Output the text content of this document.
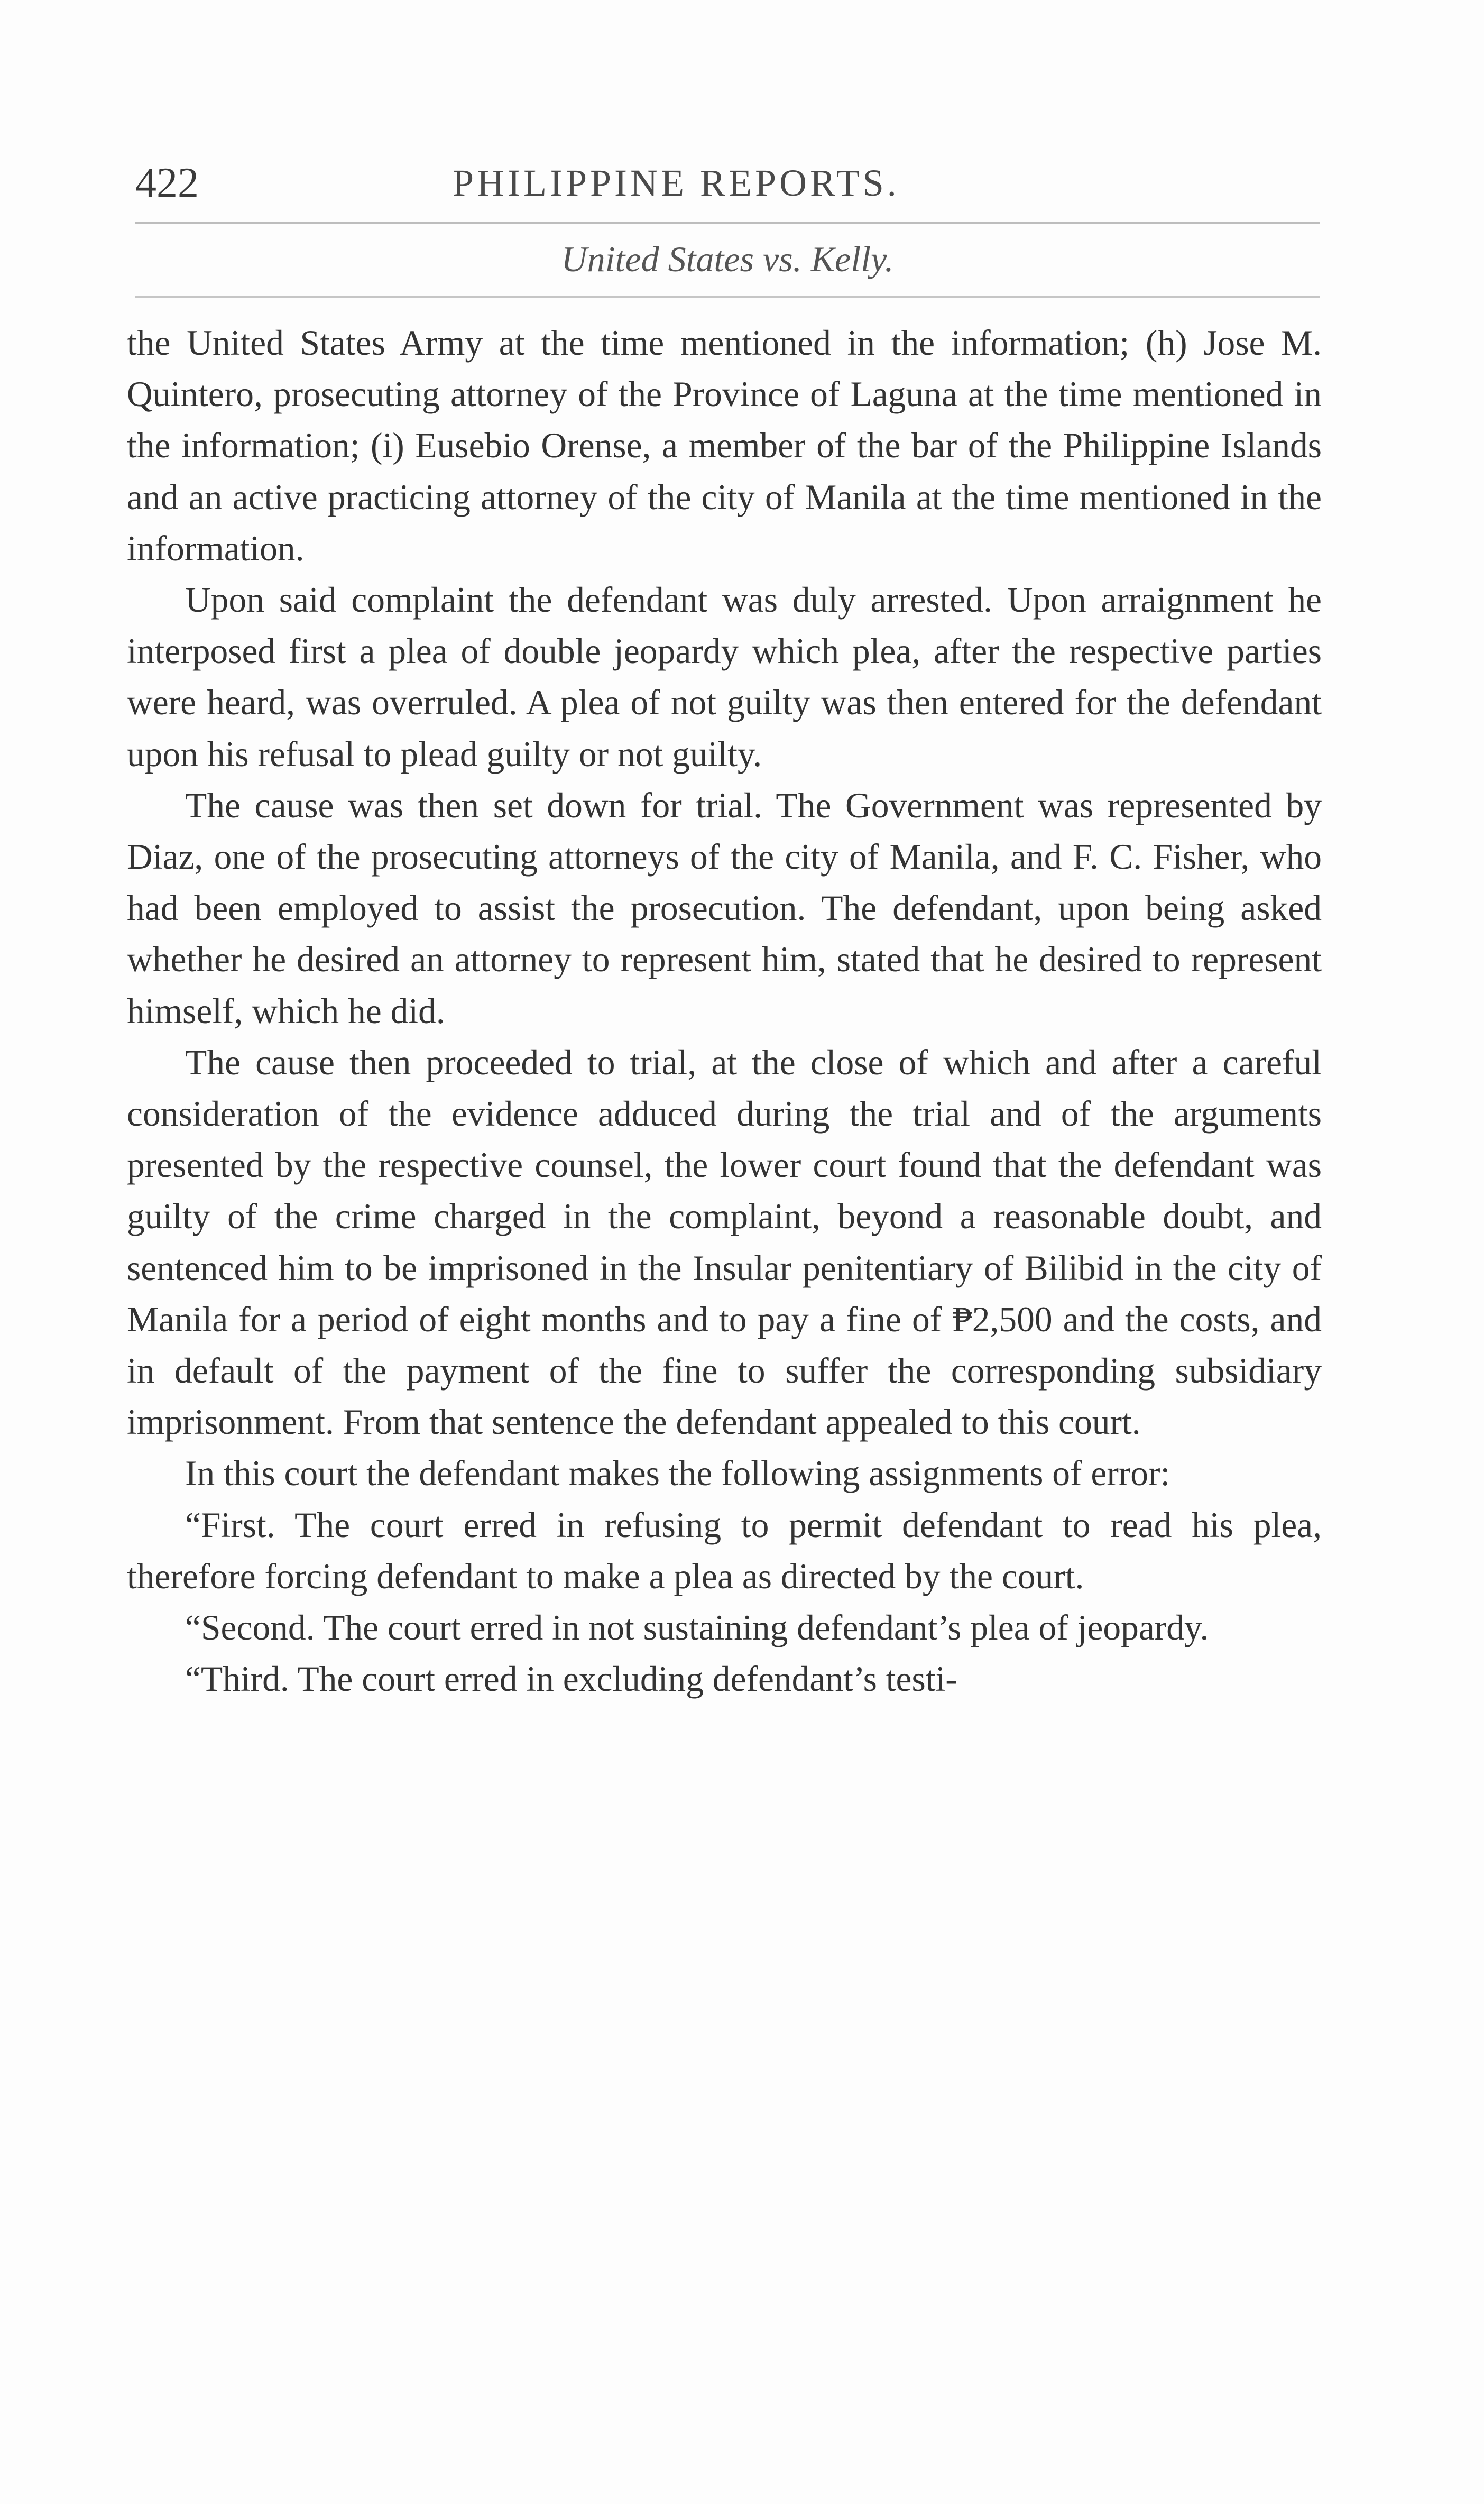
422	PHILIPPINE REPORTS.
United States vs. Kelly.

the United States Army at the time mentioned in the information; (h) Jose M. Quintero, prosecuting attorney of the Province of Laguna at the time mentioned in the information; (i) Eusebio Orense, a member of the bar of the Philippine Islands and an active practicing attorney of the city of Manila at the time mentioned in the information.

Upon said complaint the defendant was duly arrested. Upon arraignment he interposed first a plea of double jeopardy which plea, after the respective parties were heard, was overruled. A plea of not guilty was then entered for the defendant upon his refusal to plead guilty or not guilty.

The cause was then set down for trial. The Government was represented by Diaz, one of the prosecuting attorneys of the city of Manila, and F. C. Fisher, who had been employed to assist the prosecution. The defendant, upon being asked whether he desired an attorney to represent him, stated that he desired to represent himself, which he did.

The cause then proceeded to trial, at the close of which and after a careful consideration of the evidence adduced during the trial and of the arguments presented by the respective counsel, the lower court found that the defendant was guilty of the crime charged in the complaint, beyond a reasonable doubt, and sentenced him to be imprisoned in the Insular penitentiary of Bilibid in the city of Manila for a period of eight months and to pay a fine of ₱2,500 and the costs, and in default of the payment of the fine to suffer the corresponding subsidiary imprisonment. From that sentence the defendant appealed to this court.

In this court the defendant makes the following assignments of error:

“First. The court erred in refusing to permit defendant to read his plea, therefore forcing defendant to make a plea as directed by the court.

“Second. The court erred in not sustaining defendant’s plea of jeopardy.

“Third. The court erred in excluding defendant’s testi-
